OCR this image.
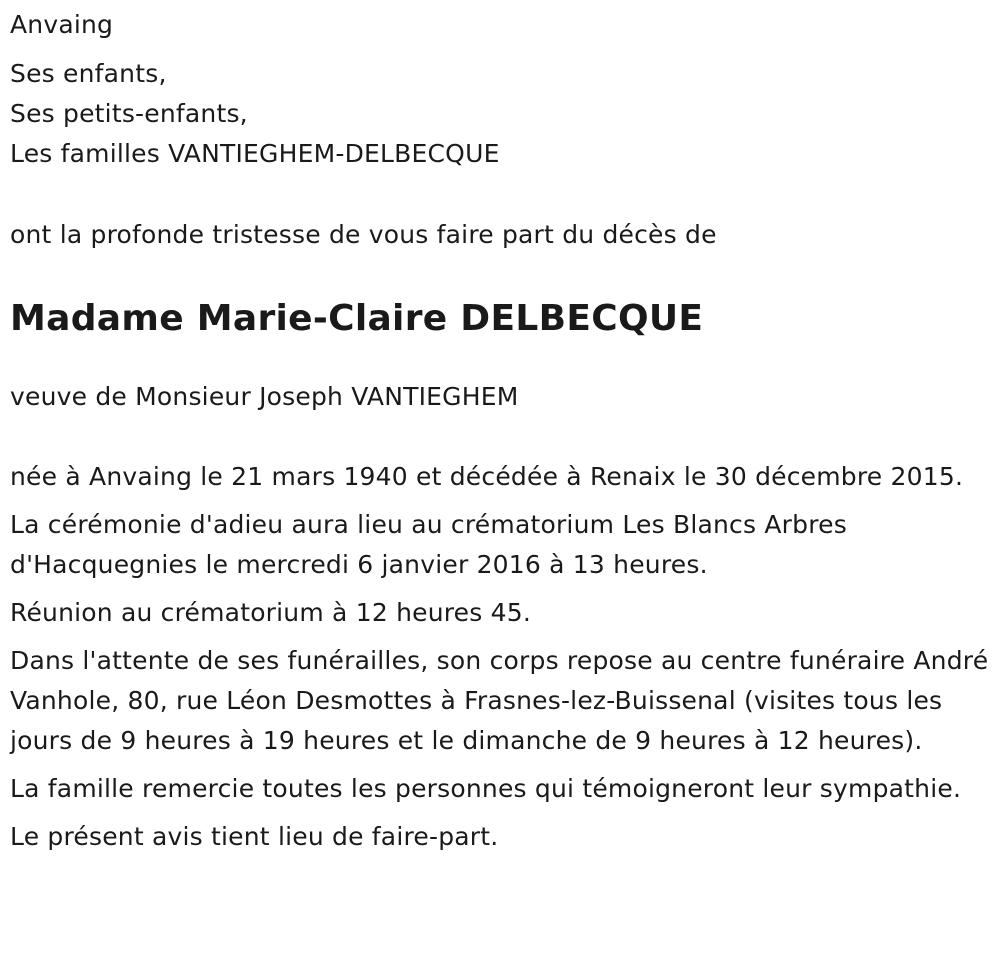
Anvaing
Ses enfants,
Ses petits-enfants,
Les familles VANTIEGHEM-DELBECQUE
ont la profonde tristesse de vous faire part du décès de
Madame Marie-Claire DELBECQUE
veuve de Monsieur Joseph VANTIEGHEM
née à Anvaing le 21 mars 1940 et décédée à Renaix le 30 décembre 2015.

La cérémonie d'adieu aura lieu au crématorium Les Blancs Arbres d'Hacquegnies le mercredi 6 janvier 2016 à 13 heures.

Réunion au crématorium à 12 heures 45.

Dans l'attente de ses funérailles, son corps repose au centre funéraire André Vanhole, 80, rue Léon Desmottes à Frasnes-lez-Buissenal (visites tous les jours de 9 heures à 19 heures et le dimanche de 9 heures à 12 heures).

La famille remercie toutes les personnes qui témoigneront leur sympathie.

Le présent avis tient lieu de faire-part.
